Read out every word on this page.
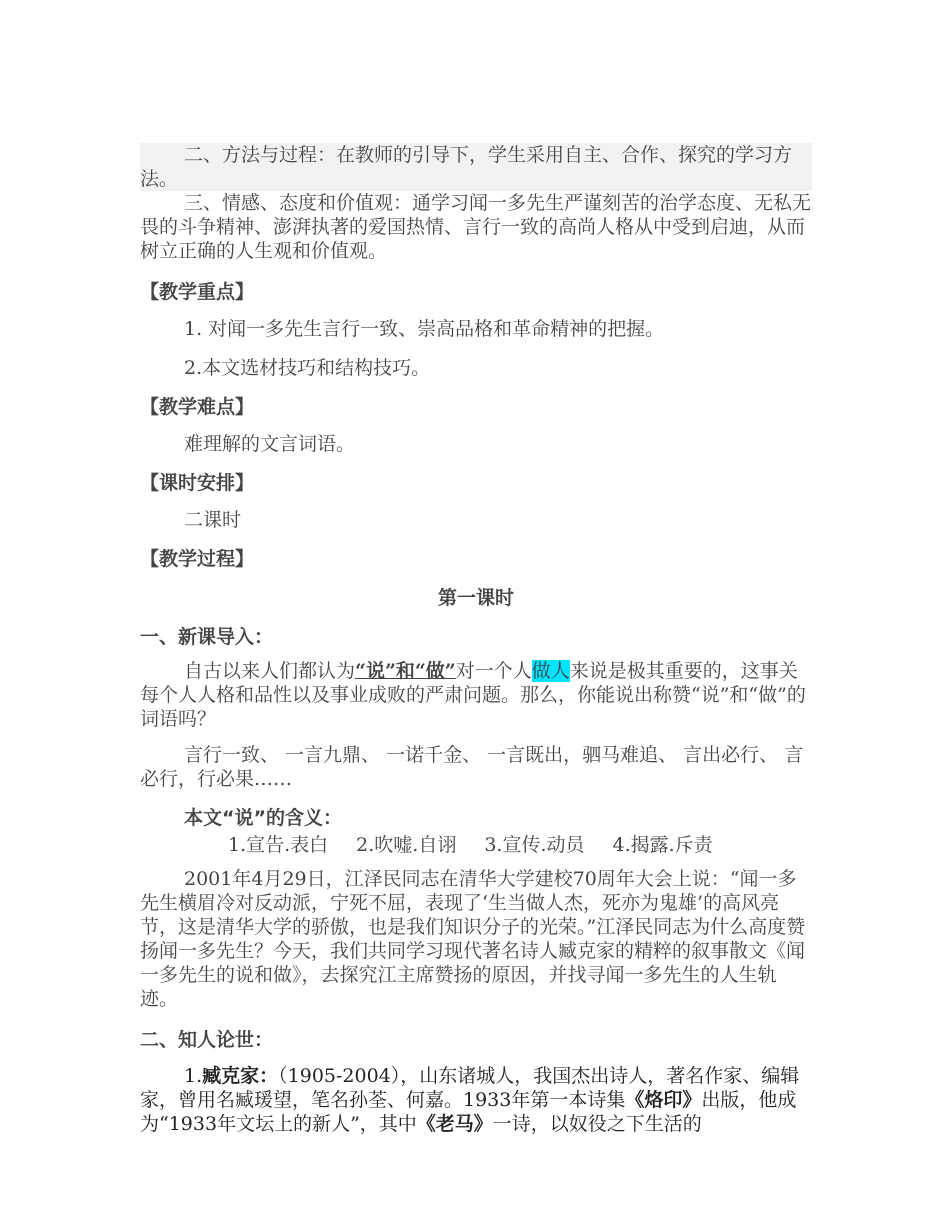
二、方法与过程：在教师的引导下，学生采用自主、合作、探究的学习方法。

三、情感、态度和价值观：通学习闻一多先生严谨刻苦的治学态度、无私无畏的斗争精神、澎湃执著的爱国热情、言行一致的高尚人格从中受到启迪，从而树立正确的人生观和价值观。

【教学重点】

1. 对闻一多先生言行一致、崇高品格和革命精神的把握。

2.本文选材技巧和结构技巧。

【教学难点】

难理解的文言词语。

【课时安排】

二课时

【教学过程】

第一课时

一、新课导入：

自古以来人们都认为“说”和“做”对一个人做人来说是极其重要的，这事关每个人人格和品性以及事业成败的严肃问题。那么，你能说出称赞“说”和“做”的词语吗？

言行一致、 一言九鼎、 一诺千金、 一言既出，驷马难追、 言出必行、 言必行，行必果……

本文“说”的含义：

1.宣告.表白 2.吹嘘.自诩 3.宣传.动员 4.揭露.斥责

2001年4月29日，江泽民同志在清华大学建校70周年大会上说：“闻一多先生横眉冷对反动派，宁死不屈，表现了‘生当做人杰，死亦为鬼雄’的高风亮节，这是清华大学的骄傲，也是我们知识分子的光荣。”江泽民同志为什么高度赞扬闻一多先生？今天，我们共同学习现代著名诗人臧克家的精粹的叙事散文《闻一多先生的说和做》，去探究江主席赞扬的原因，并找寻闻一多先生的人生轨迹。

二、知人论世：

1.臧克家：（1905-2004），山东诸城人，我国杰出诗人，著名作家、编辑家，曾用名臧瑗望，笔名孙荃、何嘉。1933年第一本诗集《烙印》出版，他成为“1933年文坛上的新人”，其中《老马》一诗，以奴役之下生活的
